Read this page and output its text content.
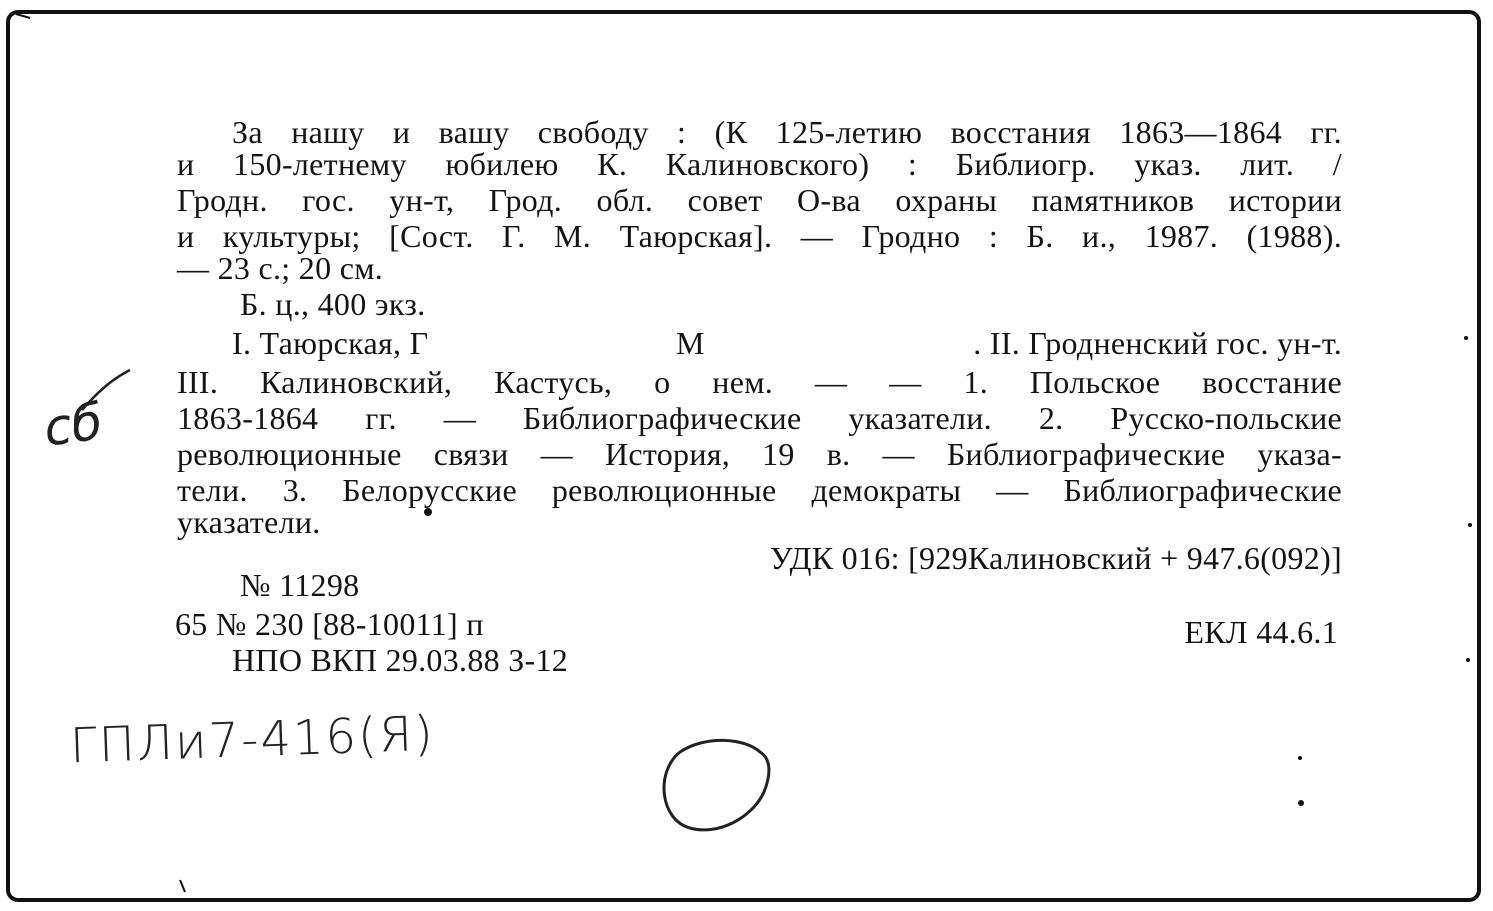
За нашу и вашу свободу : (К 125-летию восстания 1863—1864 гг.
и 150-летнему юбилею К. Калиновского) : Библиогр. указ. лит. /
Гродн. гос. ун-т, Грод. обл. совет О-ва охраны памятников истории
и культуры; [Сост. Г. М. Таюрская]. — Гродно : Б. и., 1987. (1988).
— 23 с.; 20 см.
Б. ц., 400 экз.
I. Таюрская, Г	М	. II. Гродненский гос. ун-т.
III. Калиновский, Кастусь, о нем. — — 1. Польское восстание
1863-1864 гг. — Библиографические указатели. 2. Русско-польские
революционные связи — История, 19 в. — Библиографические указа-
тели. 3. Белорусские революционные демократы — Библиографические
указатели.
УДК 016: [929Калиновский + 947.6(092)]
№ 11298
65 № 230 [88-10011] п	ЕКЛ 44.6.1
НПО ВКП 29.03.88 З-12
сб
ГПЛи7-416(Я)
